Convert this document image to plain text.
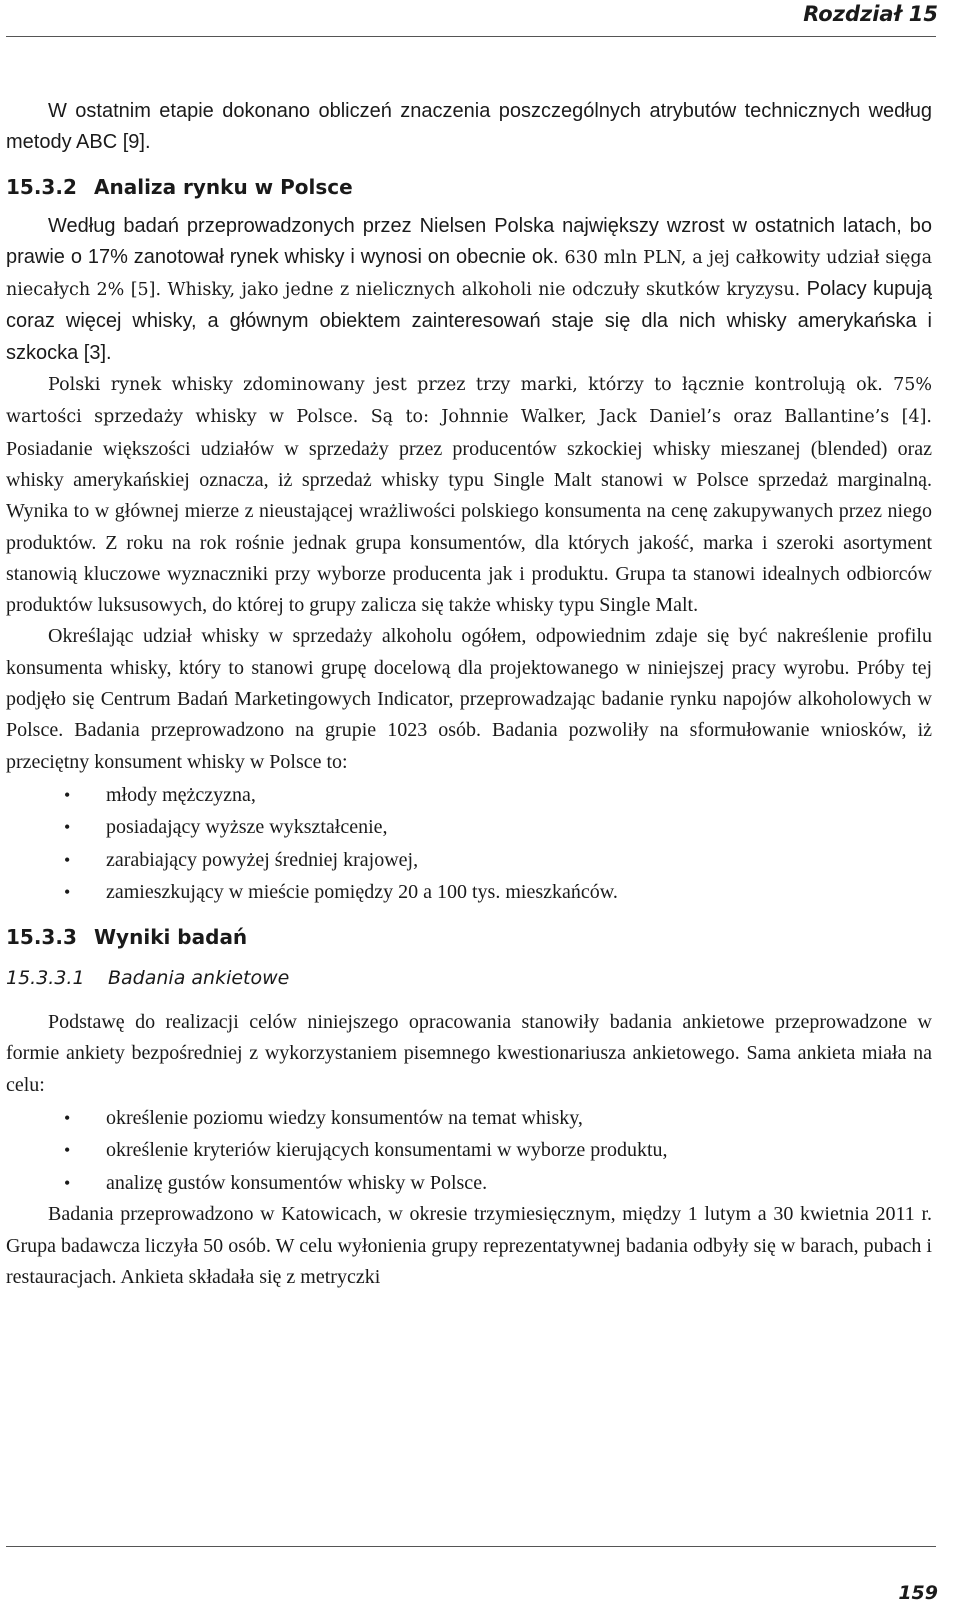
Rozdział 15

W ostatnim etapie dokonano obliczeń znaczenia poszczególnych atrybutów technicznych według metody ABC [9].

15.3.2 Analiza rynku w Polsce

Według badań przeprowadzonych przez Nielsen Polska największy wzrost w ostatnich latach, bo prawie o 17% zanotował rynek whisky i wynosi on obecnie ok. 630 mln PLN, a jej całkowity udział sięga niecałych 2% [5]. Whisky, jako jedne z nielicznych alkoholi nie odczuły skutków kryzysu. Polacy kupują coraz więcej whisky, a głównym obiektem zainteresowań staje się dla nich whisky amerykańska i szkocka [3].

Polski rynek whisky zdominowany jest przez trzy marki, którzy to łącznie kontrolują ok. 75% wartości sprzedaży whisky w Polsce. Są to: Johnnie Walker, Jack Daniel’s oraz Ballantine’s [4]. Posiadanie większości udziałów w sprzedaży przez producentów szkockiej whisky mieszanej (blended) oraz whisky amerykańskiej oznacza, iż sprzedaż whisky typu Single Malt stanowi w Polsce sprzedaż marginalną. Wynika to w głównej mierze z nieustającej wrażliwości polskiego konsumenta na cenę zakupywanych przez niego produktów. Z roku na rok rośnie jednak grupa konsumentów, dla których jakość, marka i szeroki asortyment stanowią kluczowe wyznaczniki przy wyborze producenta jak i produktu. Grupa ta stanowi idealnych odbiorców produktów luksusowych, do której to grupy zalicza się także whisky typu Single Malt.

Określając udział whisky w sprzedaży alkoholu ogółem, odpowiednim zdaje się być nakreślenie profilu konsumenta whisky, który to stanowi grupę docelową dla projektowanego w niniejszej pracy wyrobu. Próby tej podjęło się Centrum Badań Marketingowych Indicator, przeprowadzając badanie rynku napojów alkoholowych w Polsce. Badania przeprowadzono na grupie 1023 osób. Badania pozwoliły na sformułowanie wniosków, iż przeciętny konsument whisky w Polsce to:

• młody mężczyzna,
• posiadający wyższe wykształcenie,
• zarabiający powyżej średniej krajowej,
• zamieszkujący w mieście pomiędzy 20 a 100 tys. mieszkańców.
15.3.3 Wyniki badań
15.3.3.1 Badania ankietowe

Podstawę do realizacji celów niniejszego opracowania stanowiły badania ankietowe przeprowadzone w formie ankiety bezpośredniej z wykorzystaniem pisemnego kwestionariusza ankietowego. Sama ankieta miała na celu:

• określenie poziomu wiedzy konsumentów na temat whisky,
• określenie kryteriów kierujących konsumentami w wyborze produktu,
• analizę gustów konsumentów whisky w Polsce.

Badania przeprowadzono w Katowicach, w okresie trzymiesięcznym, między 1 lutym a 30 kwietnia 2011 r. Grupa badawcza liczyła 50 osób. W celu wyłonienia grupy reprezentatywnej badania odbyły się w barach, pubach i restauracjach. Ankieta składała się z metryczki

159
